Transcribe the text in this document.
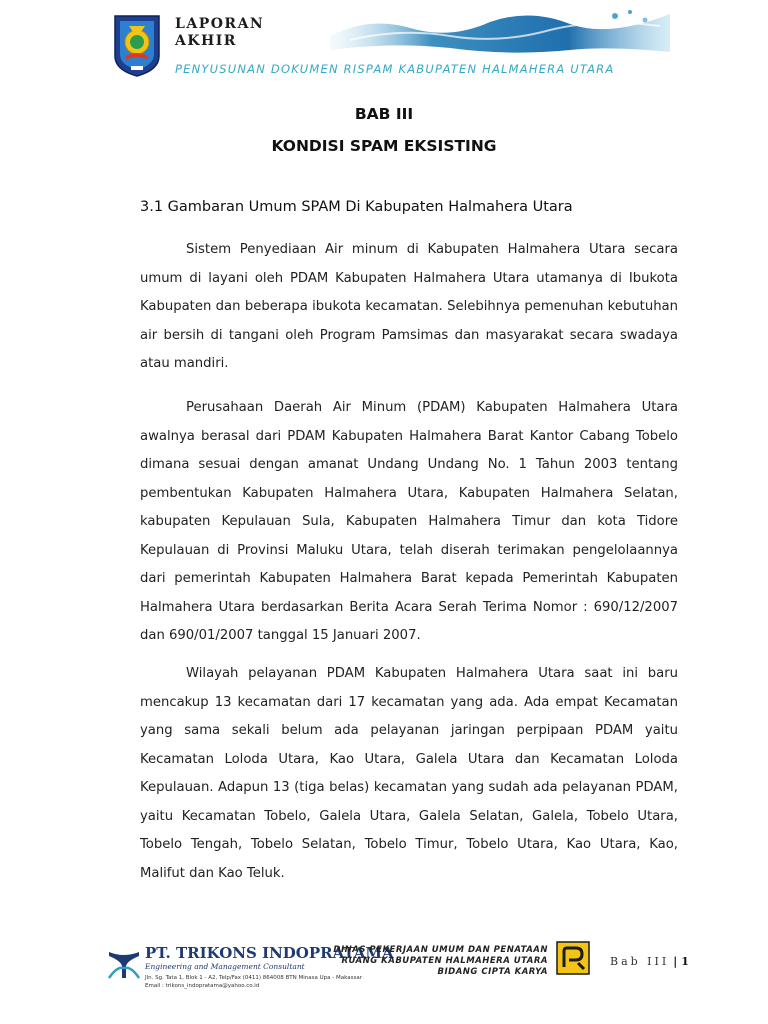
LAPORAN
AKHIR
PENYUSUNAN DOKUMEN RISPAM KABUPATEN HALMAHERA UTARA
BAB III
KONDISI SPAM EKSISTING
3.1 Gambaran Umum SPAM Di Kabupaten Halmahera Utara
Sistem Penyediaan Air minum di Kabupaten Halmahera Utara secara umum di layani oleh PDAM Kabupaten Halmahera Utara utamanya di Ibukota Kabupaten dan beberapa ibukota kecamatan. Selebihnya pemenuhan kebutuhan air bersih di tangani oleh Program Pamsimas dan masyarakat secara swadaya atau mandiri.
Perusahaan Daerah Air Minum (PDAM) Kabupaten Halmahera Utara awalnya berasal dari PDAM Kabupaten Halmahera Barat Kantor Cabang Tobelo dimana sesuai dengan amanat Undang Undang No. 1 Tahun 2003 tentang pembentukan Kabupaten Halmahera Utara, Kabupaten Halmahera Selatan, kabupaten Kepulauan Sula, Kabupaten Halmahera Timur dan kota Tidore Kepulauan di Provinsi Maluku Utara, telah diserah terimakan pengelolaannya dari pemerintah Kabupaten Halmahera Barat kepada Pemerintah Kabupaten Halmahera Utara berdasarkan Berita Acara Serah Terima Nomor : 690/12/2007 dan 690/01/2007 tanggal 15 Januari 2007.
Wilayah pelayanan PDAM Kabupaten Halmahera Utara saat ini baru mencakup 13 kecamatan dari 17 kecamatan yang ada. Ada empat Kecamatan yang sama sekali belum ada pelayanan jaringan perpipaan PDAM yaitu Kecamatan Loloda Utara, Kao Utara, Galela Utara dan Kecamatan Loloda Kepulauan. Adapun 13 (tiga belas) kecamatan yang sudah ada pelayanan PDAM, yaitu Kecamatan Tobelo, Galela Utara, Galela Selatan, Galela, Tobelo Utara, Tobelo Tengah, Tobelo Selatan, Tobelo Timur, Tobelo Utara, Kao Utara, Kao, Malifut dan Kao Teluk.
PT. TRIKONS INDOPRATAMA
Engineering and Management Consultant
Jln. Sg. Tata 1, Blok 1 - A2, Telp/Fax (0411) 864008 BTN Minasa Upa - Makassar
Email : trikons_indopratama@yahoo.co.id
DINAS PEKERJAAN UMUM DAN PENATAAN
RUANG KABUPATEN HALMAHERA UTARA
BIDANG CIPTA KARYA
Bab III | 1
